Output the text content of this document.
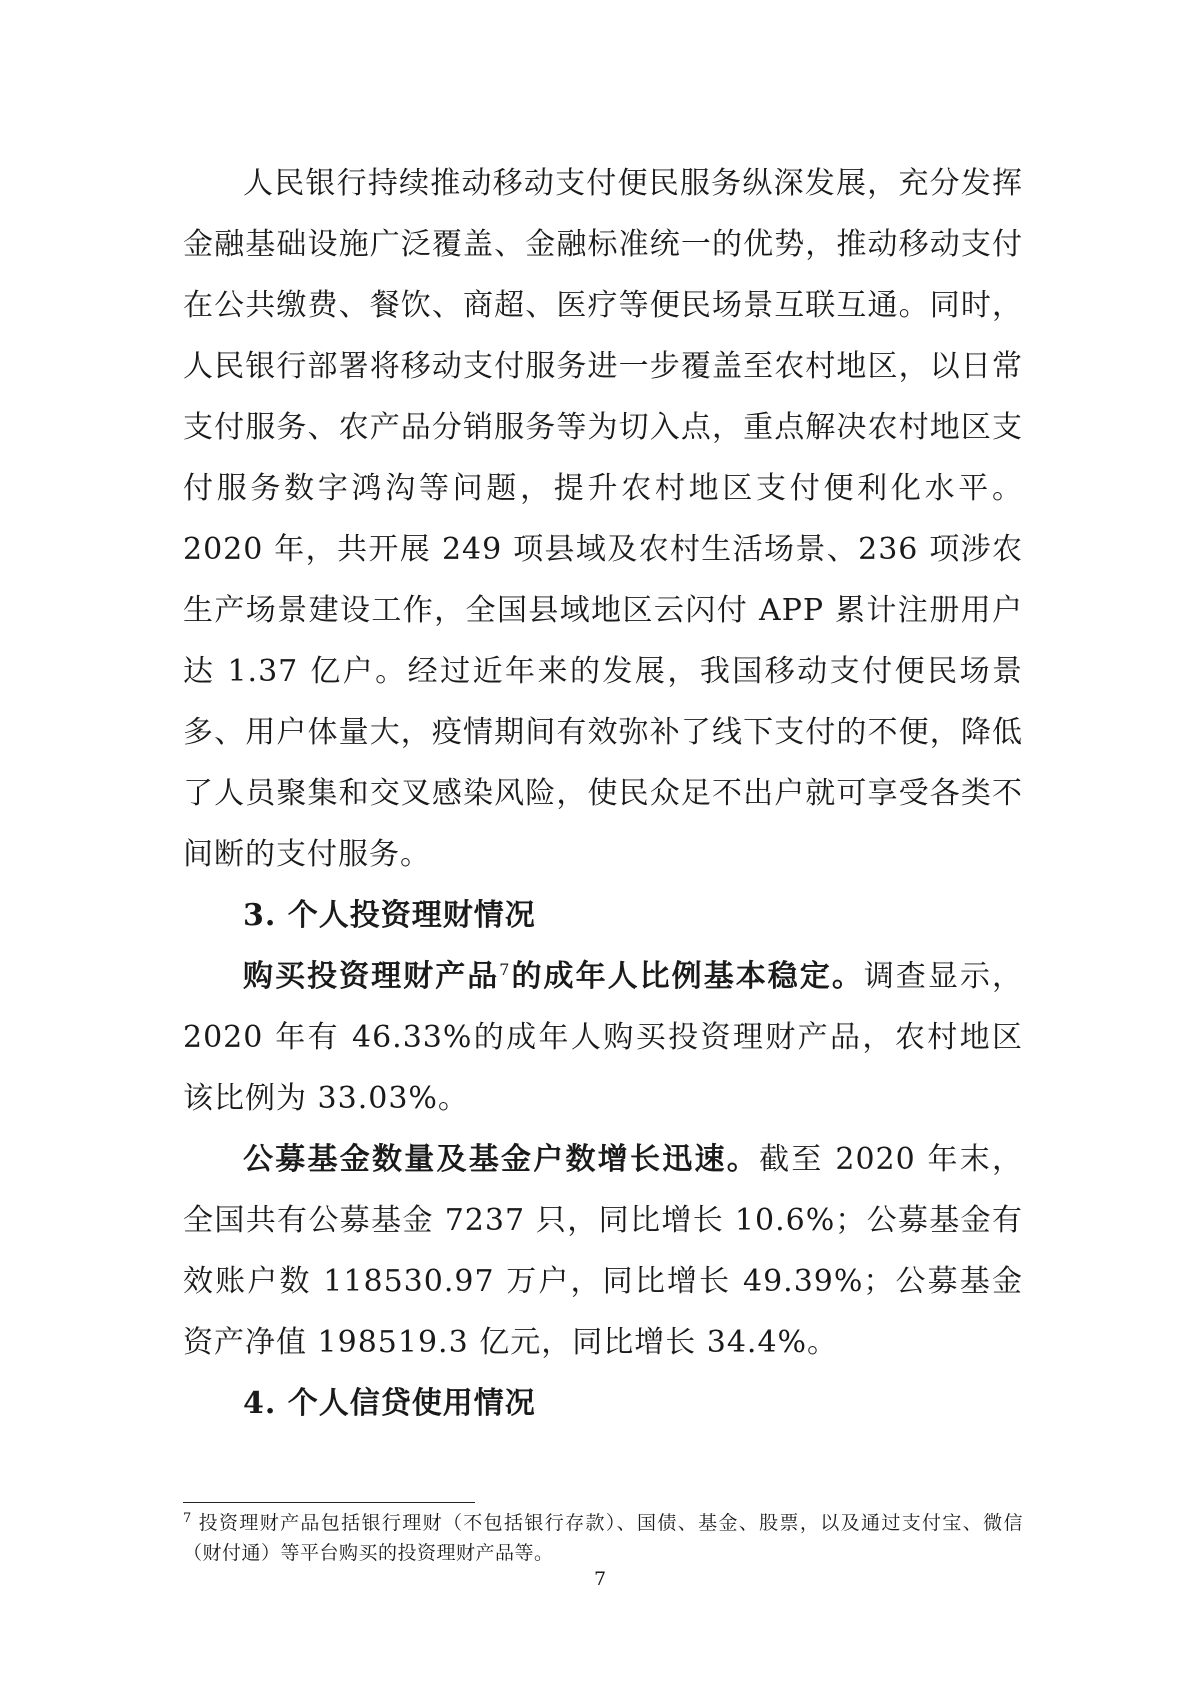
人民银行持续推动移动支付便民服务纵深发展，充分发挥金融基础设施广泛覆盖、金融标准统一的优势，推动移动支付在公共缴费、餐饮、商超、医疗等便民场景互联互通。同时，人民银行部署将移动支付服务进一步覆盖至农村地区，以日常支付服务、农产品分销服务等为切入点，重点解决农村地区支付服务数字鸿沟等问题，提升农村地区支付便利化水平。2020 年，共开展 249 项县域及农村生活场景、236 项涉农生产场景建设工作，全国县域地区云闪付 APP 累计注册用户达 1.37 亿户。经过近年来的发展，我国移动支付便民场景多、用户体量大，疫情期间有效弥补了线下支付的不便，降低了人员聚集和交叉感染风险，使民众足不出户就可享受各类不间断的支付服务。

3. 个人投资理财情况

购买投资理财产品$^7$的成年人比例基本稳定。调查显示，2020 年有 46.33%的成年人购买投资理财产品，农村地区该比例为 33.03%。

公募基金数量及基金户数增长迅速。截至 2020 年末，全国共有公募基金 7237 只，同比增长 10.6%；公募基金有效账户数 118530.97 万户，同比增长 49.39%；公募基金资产净值 198519.3 亿元，同比增长 34.4%。

4. 个人信贷使用情况

$^7$ 投资理财产品包括银行理财（不包括银行存款）、国债、基金、股票，以及通过支付宝、微信（财付通）等平台购买的投资理财产品等。
7
